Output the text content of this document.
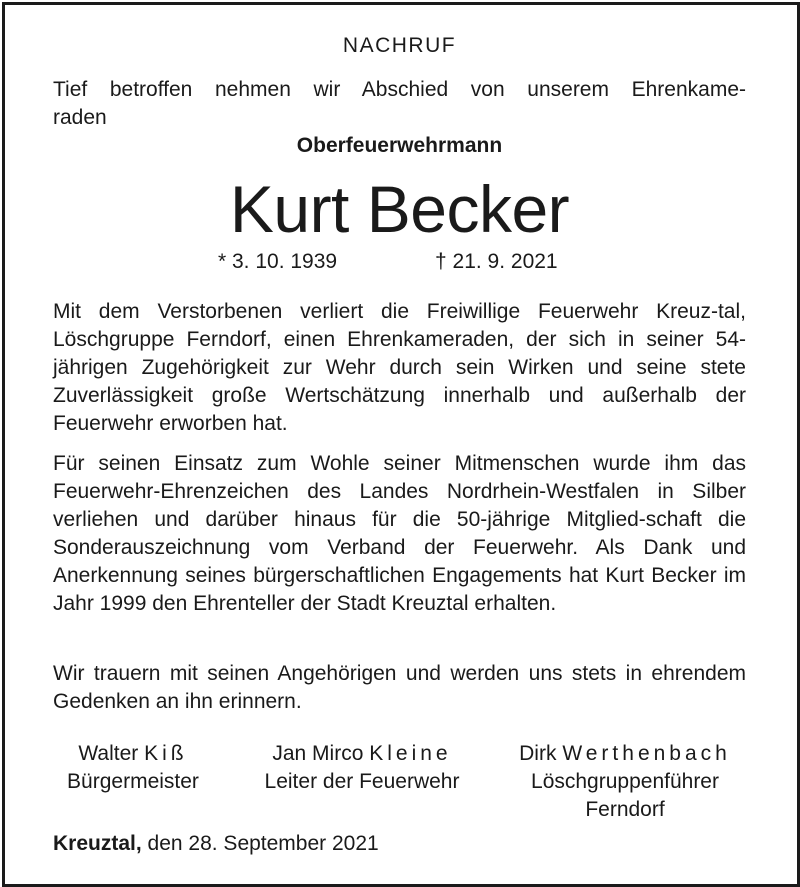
NACHRUF

Tief betroffen nehmen wir Abschied von unserem Ehrenkame-

raden

Oberfeuerwehrmann
Kurt Becker
* 3. 10. 1939	† 21. 9. 2021

Mit dem Verstorbenen verliert die Freiwillige Feuerwehr Kreuz-tal, Löschgruppe Ferndorf, einen Ehrenkameraden, der sich in seiner 54-jährigen Zugehörigkeit zur Wehr durch sein Wirken und seine stete Zuverlässigkeit große Wertschätzung innerhalb und außerhalb der Feuerwehr erworben hat.

Für seinen Einsatz zum Wohle seiner Mitmenschen wurde ihm das Feuerwehr-Ehrenzeichen des Landes Nordrhein-Westfalen in Silber verliehen und darüber hinaus für die 50-jährige Mitglied-schaft die Sonderauszeichnung vom Verband der Feuerwehr. Als Dank und Anerkennung seines bürgerschaftlichen Engagements hat Kurt Becker im Jahr 1999 den Ehrenteller der Stadt Kreuztal erhalten.

Wir trauern mit seinen Angehörigen und werden uns stets in ehrendem Gedenken an ihn erinnern.

Walter Kiß
Bürgermeister
Jan Mirco Kleine
Leiter der Feuerwehr
Dirk Werthenbach
Löschgruppenführer
Ferndorf
Kreuztal, den 28. September 2021
